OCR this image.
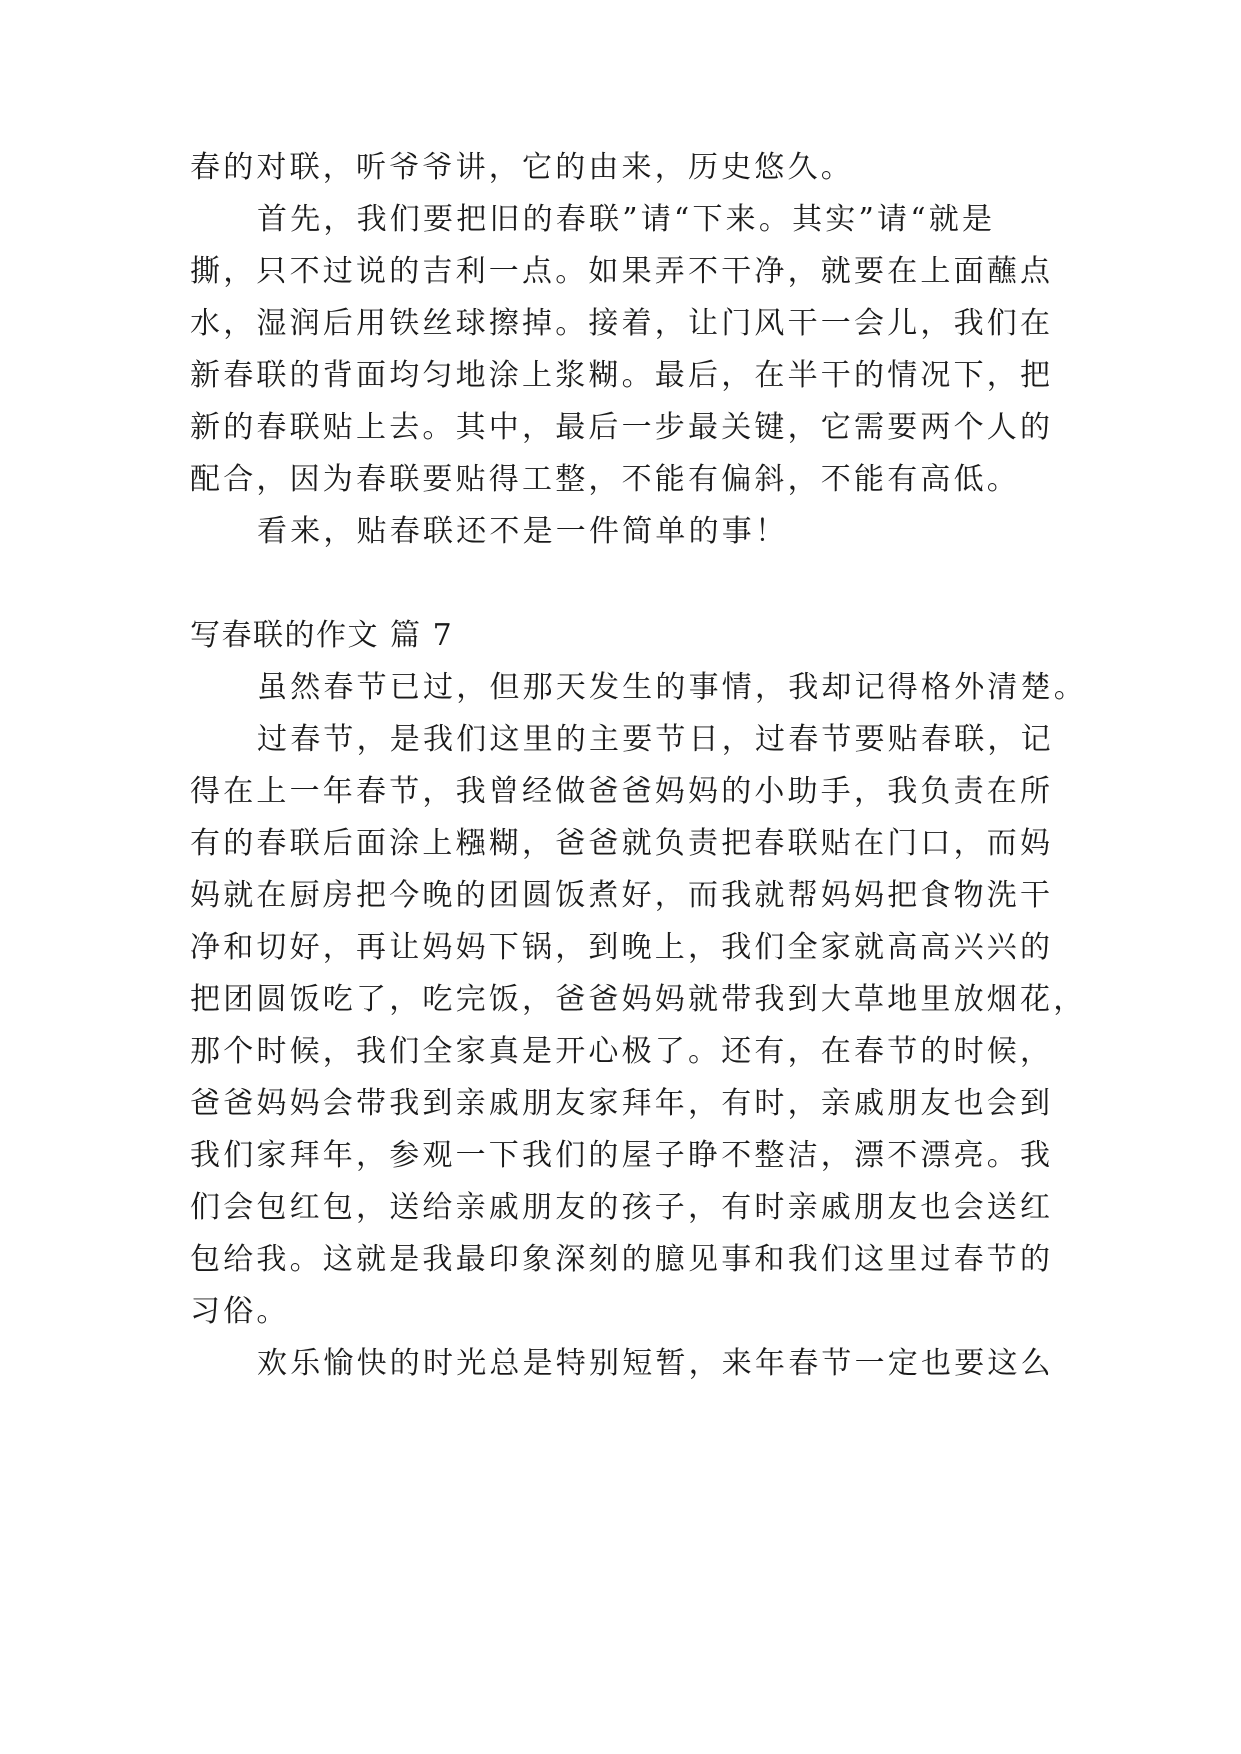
春的对联，听爷爷讲，它的由来，历史悠久。
首先，我们要把旧的春联”请“下来。其实”请“就是
撕，只不过说的吉利一点。如果弄不干净，就要在上面蘸点
水，湿润后用铁丝球擦掉。接着，让门风干一会儿，我们在
新春联的背面均匀地涂上浆糊。最后，在半干的情况下，把
新的春联贴上去。其中，最后一步最关键，它需要两个人的
配合，因为春联要贴得工整，不能有偏斜，不能有高低。
看来，贴春联还不是一件简单的事！
写春联的作文 篇 7
虽然春节已过，但那天发生的事情，我却记得格外清楚。
过春节，是我们这里的主要节日，过春节要贴春联，记
得在上一年春节，我曾经做爸爸妈妈的小助手，我负责在所
有的春联后面涂上糨糊，爸爸就负责把春联贴在门口，而妈
妈就在厨房把今晚的团圆饭煮好，而我就帮妈妈把食物洗干
净和切好，再让妈妈下锅，到晚上，我们全家就高高兴兴的
把团圆饭吃了，吃完饭，爸爸妈妈就带我到大草地里放烟花，
那个时候，我们全家真是开心极了。还有，在春节的时候，
爸爸妈妈会带我到亲戚朋友家拜年，有时，亲戚朋友也会到
我们家拜年，参观一下我们的屋子睁不整洁，漂不漂亮。我
们会包红包，送给亲戚朋友的孩子，有时亲戚朋友也会送红
包给我。这就是我最印象深刻的臆见事和我们这里过春节的
习俗。
欢乐愉快的时光总是特别短暂，来年春节一定也要这么
